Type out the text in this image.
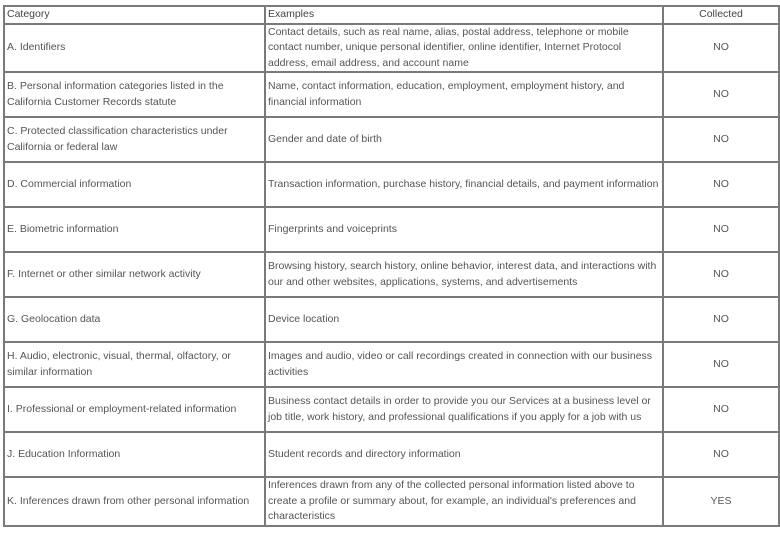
Category	Examples	Collected
A. Identifiers	Contact details, such as real name, alias, postal address, telephone or mobile contact number, unique personal identifier, online identifier, Internet Protocol address, email address, and account name	NO
B. Personal information categories listed in the California Customer Records statute	Name, contact information, education, employment, employment history, and financial information	NO
C. Protected classification characteristics under California or federal law	Gender and date of birth	NO
D. Commercial information	Transaction information, purchase history, financial details, and payment information	NO
E. Biometric information	Fingerprints and voiceprints	NO
F. Internet or other similar network activity	Browsing history, search history, online behavior, interest data, and interactions with our and other websites, applications, systems, and advertisements	NO
G. Geolocation data	Device location	NO
H. Audio, electronic, visual, thermal, olfactory, or similar information	Images and audio, video or call recordings created in connection with our business activities	NO
I. Professional or employment-related information	Business contact details in order to provide you our Services at a business level or job title, work history, and professional qualifications if you apply for a job with us	NO
J. Education Information	Student records and directory information	NO
K. Inferences drawn from other personal information	Inferences drawn from any of the collected personal information listed above to create a profile or summary about, for example, an individual's preferences and characteristics	YES
